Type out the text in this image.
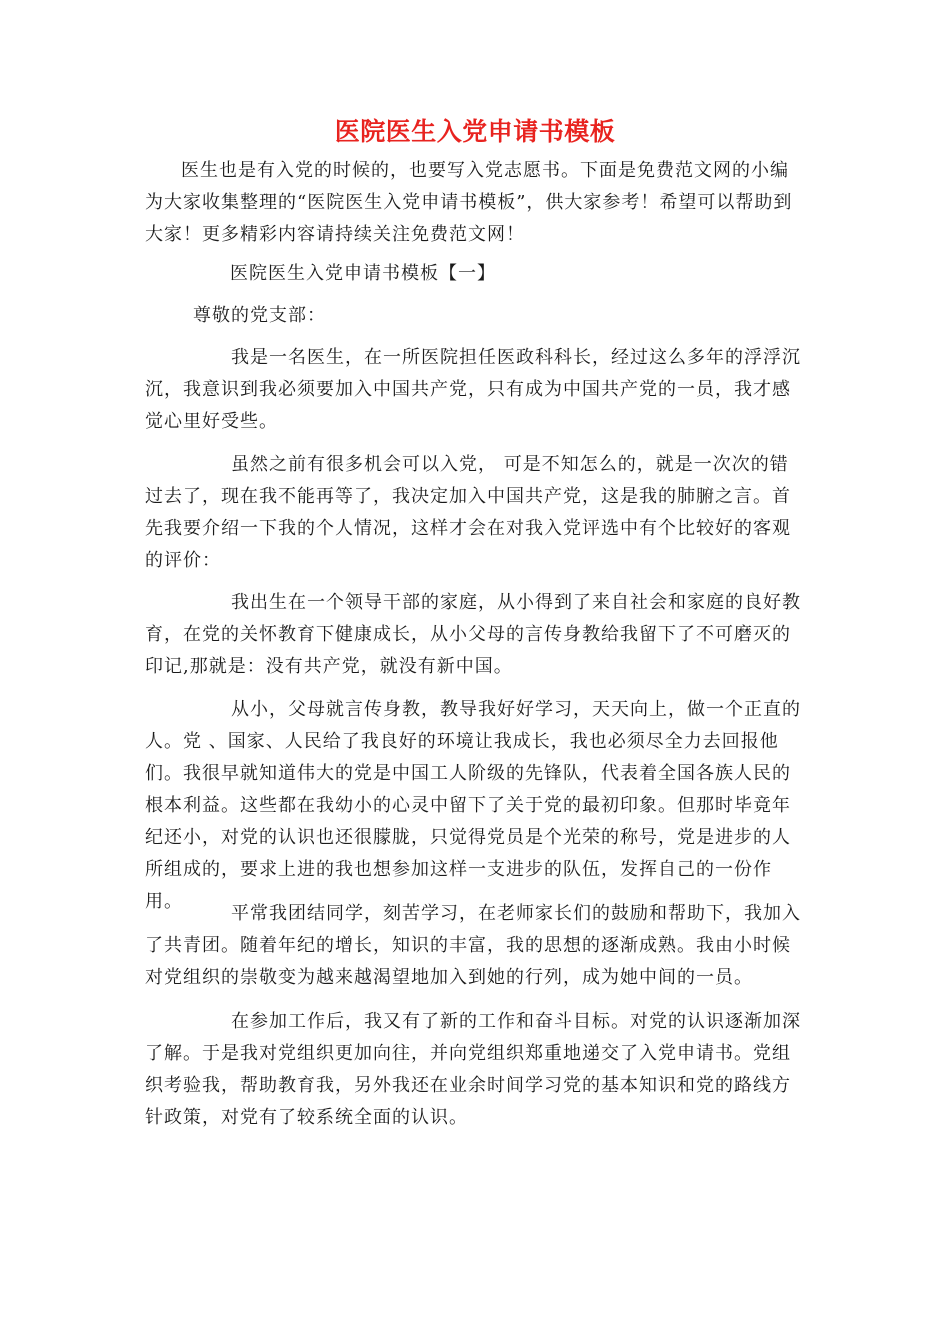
医院医生入党申请书模板

医生也是有入党的时候的，也要写入党志愿书。下面是免费范文网的小编为大家收集整理的“医院医生入党申请书模板”，供大家参考！希望可以帮助到大家！更多精彩内容请持续关注免费范文网！

医院医生入党申请书模板【一】

尊敬的党支部：

我是一名医生，在一所医院担任医政科科长，经过这么多年的浮浮沉沉，我意识到我必须要加入中国共产党，只有成为中国共产党的一员，我才感觉心里好受些。

虽然之前有很多机会可以入党， 可是不知怎么的，就是一次次的错过去了，现在我不能再等了，我决定加入中国共产党，这是我的肺腑之言。首先我要介绍一下我的个人情况，这样才会在对我入党评选中有个比较好的客观的评价：

我出生在一个领导干部的家庭，从小得到了来自社会和家庭的良好教育，在党的关怀教育下健康成长，从小父母的言传身教给我留下了不可磨灭的印记,那就是：没有共产党，就没有新中国。

从小，父母就言传身教，教导我好好学习，天天向上，做一个正直的人。党 、国家、人民给了我良好的环境让我成长，我也必须尽全力去回报他们。我很早就知道伟大的党是中国工人阶级的先锋队，代表着全国各族人民的根本利益。这些都在我幼小的心灵中留下了关于党的最初印象。但那时毕竟年纪还小，对党的认识也还很朦胧，只觉得党员是个光荣的称号，党是进步的人所组成的，要求上进的我也想参加这样一支进步的队伍，发挥自己的一份作用。

平常我团结同学，刻苦学习，在老师家长们的鼓励和帮助下，我加入了共青团。随着年纪的增长，知识的丰富，我的思想的逐渐成熟。我由小时候对党组织的崇敬变为越来越渴望地加入到她的行列，成为她中间的一员。

在参加工作后，我又有了新的工作和奋斗目标。对党的认识逐渐加深了解。于是我对党组织更加向往，并向党组织郑重地递交了入党申请书。党组织考验我，帮助教育我，另外我还在业余时间学习党的基本知识和党的路线方针政策，对党有了较系统全面的认识。
